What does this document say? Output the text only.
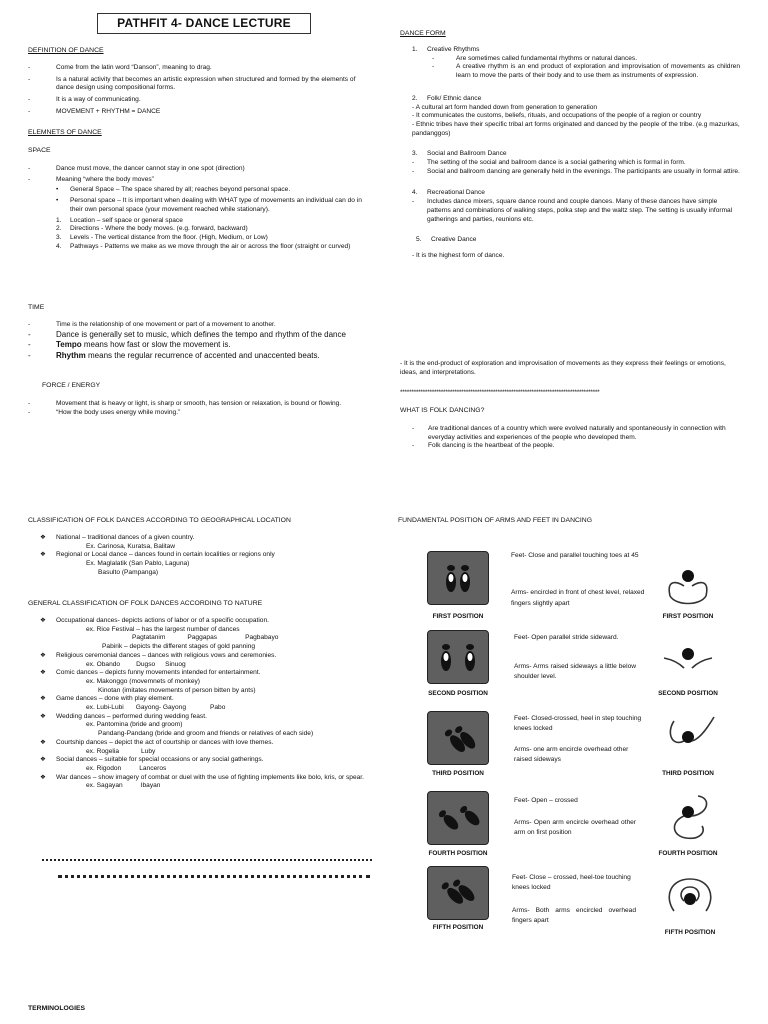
PATHFIT 4- DANCE LECTURE
DEFINITION OF DANCE
-	Come from the latin word “Danson”, meaning to drag.
-	Is a natural activity that becomes an artistic expression when structured and formed by the elements of dance design using compositional forms.
-	It is a way of communicating.
-	MOVEMENT + RHYTHM = DANCE
ELEMNETS OF DANCE
SPACE
-	Dance must move, the dancer cannot stay in one spot (direction)
-	Meaning “where the body moves”
•	General Space – The space shared by all; reaches beyond personal space.
•	Personal space – It is important when dealing with WHAT type of movements an individual can do in their own personal space (your movement reached while stationary).
1.	Location – self space or general space
2.	Directions - Where the body moves. (e.g. forward, backward)
3.	Levels - The vertical distance from the floor. (High, Medium, or Low)
4.	Pathways - Patterns we make as we move through the air or across the floor (straight or curved)
TIME
-	Time is the relationship of one movement or part of a movement to another.
-	Dance is generally set to music, which defines the tempo and rhythm of the dance
-	Tempo means how fast or slow the movement is.
-	Rhythm means the regular recurrence of accented and unaccented beats.
FORCE / ENERGY
-	Movement that is heavy or light, is sharp or smooth, has tension or relaxation, is bound or flowing.
-	“How the body uses energy while moving.”
DANCE FORM
1.	Creative Rhythms
-	Are sometimes called fundamental rhythms or natural dances.
-	A creative rhythm is an end product of exploration and improvisation of movements as children learn to move the parts of their body and to use them as instruments of expression.
2.	Folk/ Ethnic dance
- A cultural art form handed down from generation to generation
- It communicates the customs, beliefs, rituals, and occupations of the people of a region or country
- Ethnic tribes have their specific tribal art forms originated and danced by the people of the tribe. (e.g mazurkas, pandanggos)
3.	Social and Ballroom Dance
-	The setting of the social and ballroom dance is a social gathering which is formal in form.
-	Social and ballroom dancing are generally held in the evenings. The participants are usually in formal attire.
4.	Recreational Dance
-	Includes dance mixers, square dance round and couple dances. Many of these dances have simple patterns and combinations of walking steps, polka step and the waltz step. The setting is usually informal gatherings and parties, reunions etc.
5.	Creative Dance
- It is the highest form of dance.
- It is the end-product of exploration and improvisation of movements as they express their feelings or emotions, ideas, and interpretations.
****************************************************************************************
WHAT IS FOLK DANCING?
-	Are traditional dances of a country which were evolved naturally and spontaneously in connection with everyday activities and experiences of the people who developed them.
-	Folk dancing is the heartbeat of the people.
CLASSIFICATION OF FOLK DANCES ACCORDING TO GEOGRAPHICAL LOCATION
❖	National – traditional dances of a given country.
Ex. Carinosa, Kuratsa, Balitaw
❖	Regional or Local dance – dances found in certain localities or regions only
Ex. Maglalatik (San Pablo, Laguna)
Basulto (Pampanga)
GENERAL CLASSIFICATION OF FOLK DANCES ACCORDING TO NATURE
❖	Occupational dances- depicts actions of labor or of a specific occupation.
ex. Rice Festival – has the largest number of dances
Pagtatanim	Paggapas	Pagbabayo
Pabirik – depicts the different stages of gold panning
❖	Religious ceremonial dances – dances with religious vows and ceremonies.
ex. Obando Dugso Sinuog
❖	Comic dances – depicts funny movements intended for entertainment.
ex. Makonggo (movemnets of monkey)
Kinotan (imitates movements of person bitten by ants)
❖	Game dances – done with play element.
ex. Lubi-Lubi Gayong- Gayong	Pabo
❖	Wedding dances – performed during wedding feast.
ex. Pantomina (bride and groom)
Pandang-Pandang (bride and groom and friends or relatives of each side)
❖	Courtship dances – depict the act of courtship or dances with love themes.
ex. Rogelia	Luby
❖	Social dances – suitable for special occasions or any social gatherings.
ex. Rigodon	Lanceros
❖	War dances – show imagery of combat or duel with the use of fighting implements like bolo, kris, or spear.
ex. Sagayan	Ibayan
TERMINOLOGIES
FUNDAMENTAL POSITION OF ARMS AND FEET IN DANCING
FIRST POSITION
Feet- Close and parallel touching toes at 45
Arms- encircled in front of chest level, relaxed fingers slightly apart
FIRST POSITION
SECOND POSITION
Feet- Open parallel stride sideward.
Arms- Arms raised sideways a little below shoulder level.
SECOND POSITION
THIRD POSITION
Feet- Closed-crossed, heel in step touching knees locked
Arms- one arm encircle overhead other raised sideways
THIRD POSITION
FOURTH POSITION
Feet- Open – crossed
Arms- Open arm encircle overhead other arm on first position
FOURTH POSITION
FIFTH POSITION
Feet- Close – crossed, heel-toe touching knees locked
Arms- Both arms encircled overhead fingers apart
FIFTH POSITION
